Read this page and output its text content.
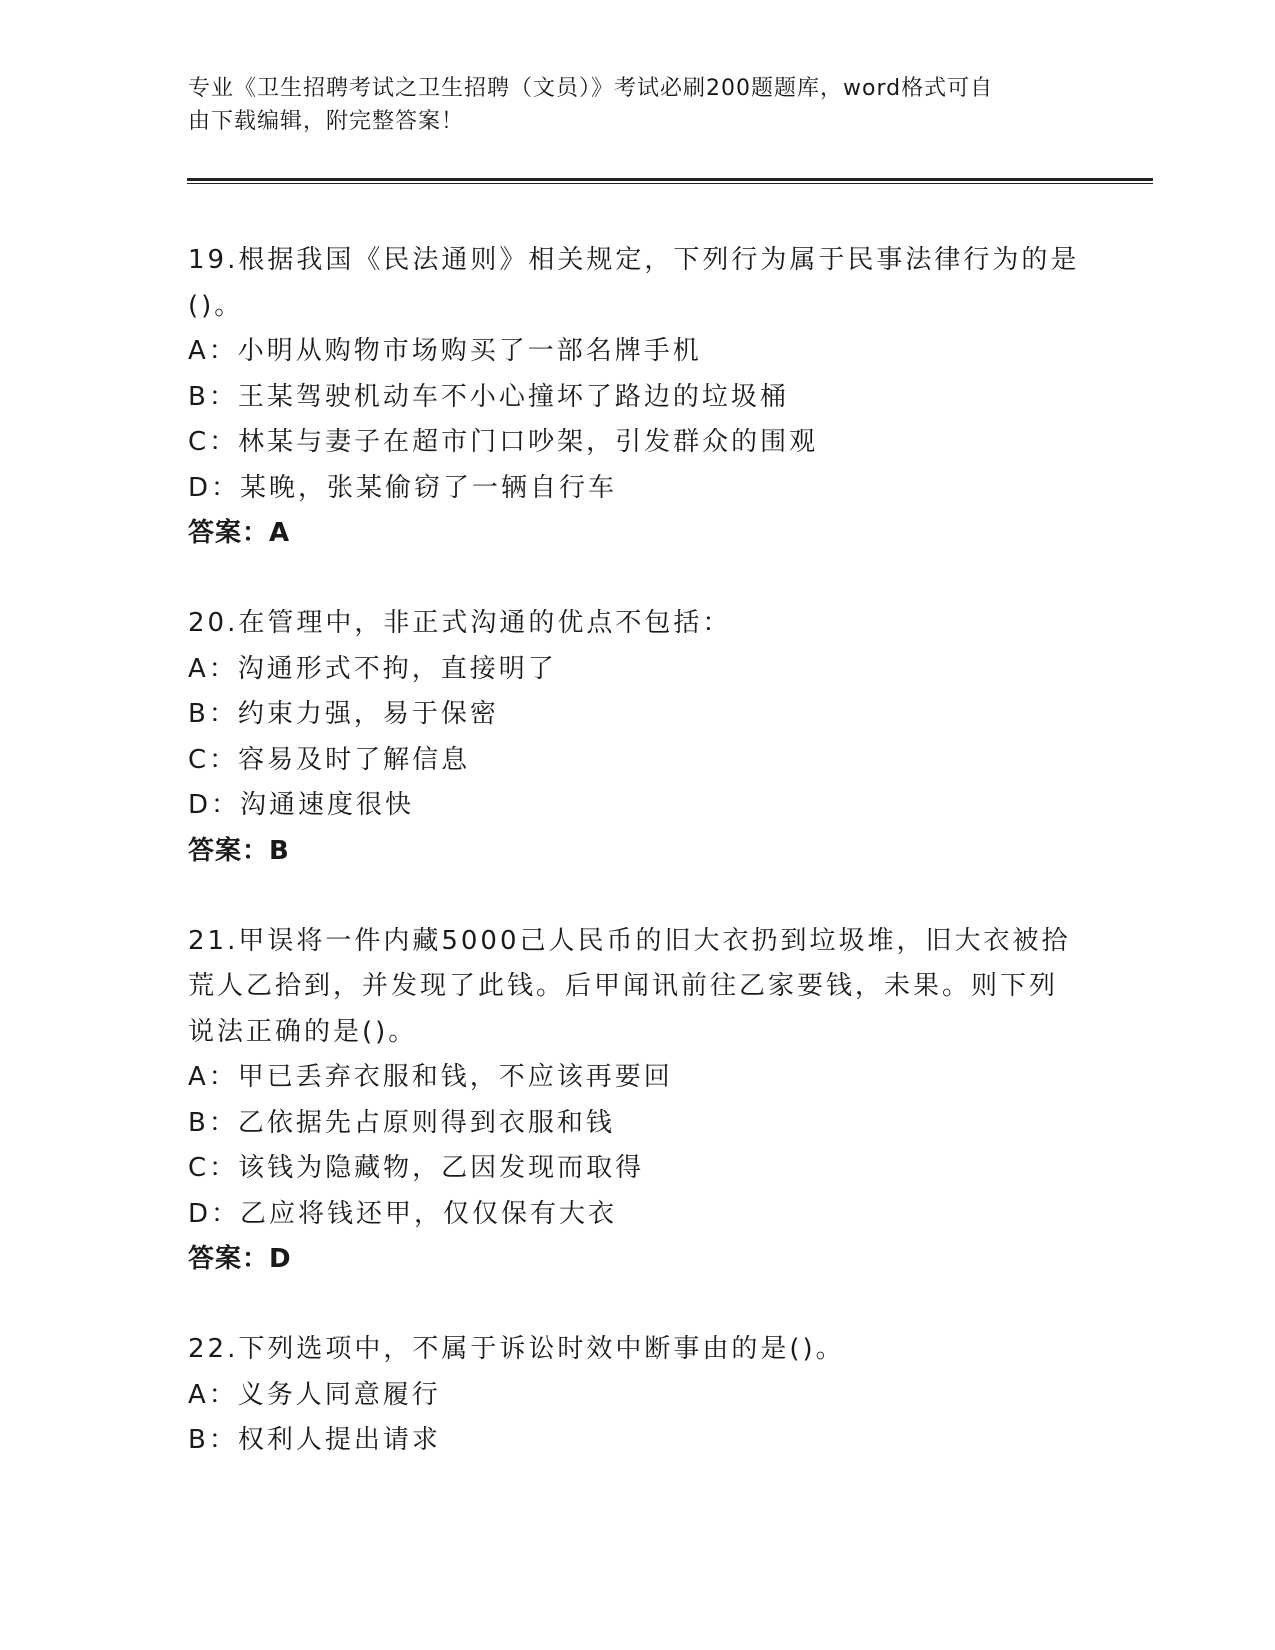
专业《卫生招聘考试之卫生招聘（文员）》考试必刷200题题库，word格式可自
由下载编辑，附完整答案！

19.根据我国《民法通则》相关规定，下列行为属于民事法律行为的是

()。

A：小明从购物市场购买了一部名牌手机

B：王某驾驶机动车不小心撞坏了路边的垃圾桶

C：林某与妻子在超市门口吵架，引发群众的围观

D：某晚，张某偷窃了一辆自行车

答案：A

20.在管理中，非正式沟通的优点不包括：

A：沟通形式不拘，直接明了

B：约束力强，易于保密

C：容易及时了解信息

D：沟通速度很快

答案：B

21.甲误将一件内藏5000己人民币的旧大衣扔到垃圾堆，旧大衣被拾

荒人乙拾到，并发现了此钱。后甲闻讯前往乙家要钱，未果。则下列

说法正确的是()。

A：甲已丢弃衣服和钱，不应该再要回

B：乙依据先占原则得到衣服和钱

C：该钱为隐藏物，乙因发现而取得

D：乙应将钱还甲，仅仅保有大衣

答案：D

22.下列选项中，不属于诉讼时效中断事由的是()。

A：义务人同意履行

B：权利人提出请求
